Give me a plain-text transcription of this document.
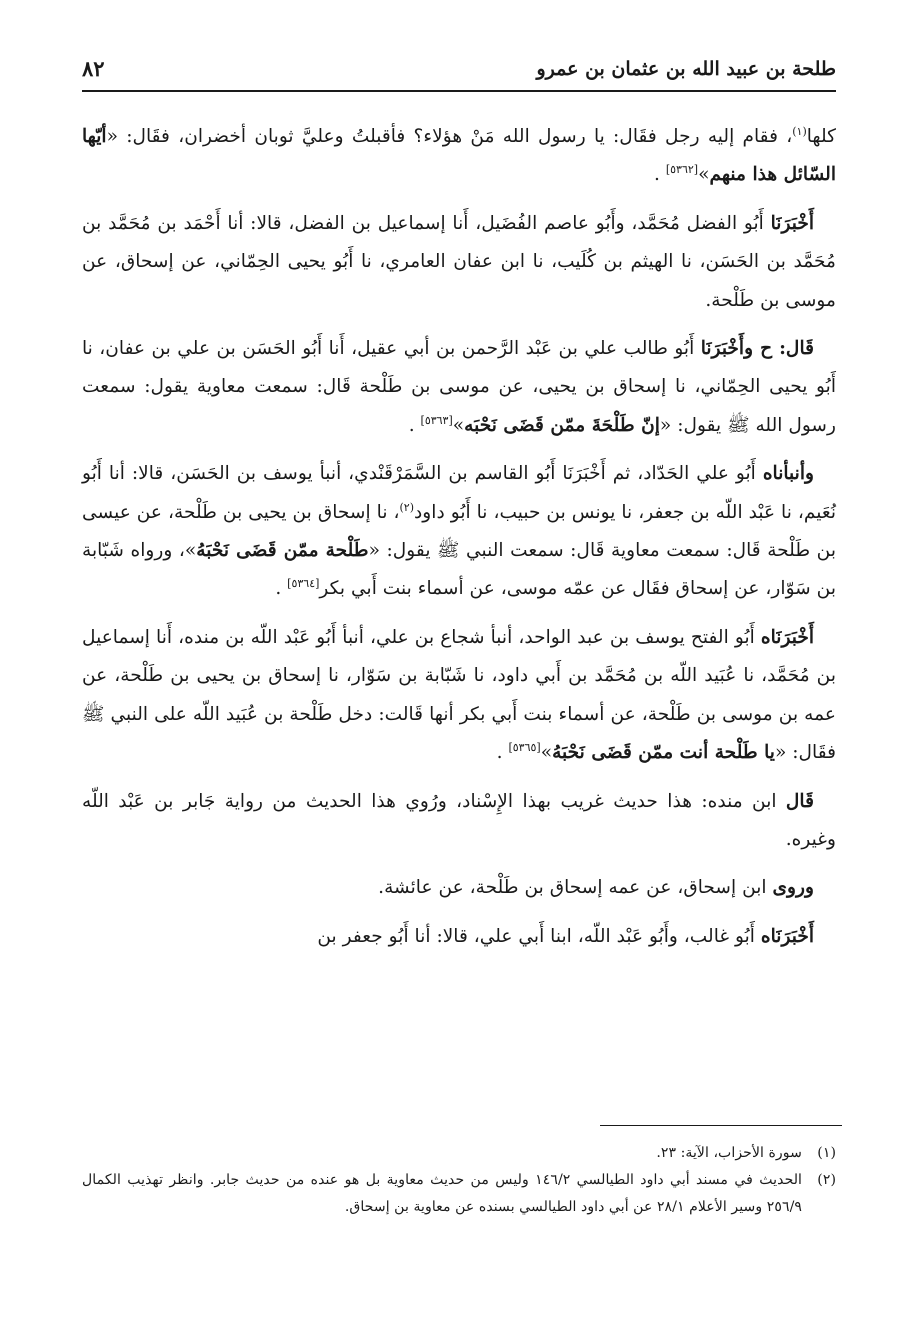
طلحة بن عبيد الله بن عثمان بن عمرو
٨٢

كلها$^{(١)}$، فقام إليه رجل فقَال: يا رسول الله مَنْ هؤلاء؟ فأقبلتُ وعليَّ ثوبان أخضران، فقَال: «أيّها السّائل هذا منهم»[٥٣٦٢] .

أَخْبَرَنَا أَبُو الفضل مُحَمَّد، وأَبُو عاصم الفُضَيل، أَنا إسماعيل بن الفضل، قالا: أنا أَحْمَد بن مُحَمَّد بن مُحَمَّد بن الحَسَن، نا الهيثم بن كُلَيب، نا ابن عفان العامري، نا أَبُو يحيى الحِمّاني، عن إسحاق، عن موسى بن طَلْحة.

قَال: ح وأَخْبَرَنَا أَبُو طالب علي بن عَبْد الرَّحمن بن أبي عقيل، أَنا أَبُو الحَسَن بن علي بن عفان، نا أَبُو يحيى الحِمّاني، نا إسحاق بن يحيى، عن موسى بن طَلْحة قَال: سمعت معاوية يقول: سمعت رسول الله ﷺ يقول: «إنّ طَلْحَةَ ممّن قَضَى نَحْبَه»[٥٣٦٣] .

وأنبأناه أَبُو علي الحَدّاد، ثم أَخْبَرَنَا أَبُو القاسم بن السَّمَرْقَنْدي، أنبأ يوسف بن الحَسَن، قالا: أنا أَبُو نُعَيم، نا عَبْد اللّه بن جعفر، نا يونس بن حبيب، نا أَبُو داود$^{(٢)}$، نا إسحاق بن يحيى بن طَلْحة، عن عيسى بن طَلْحة قَال: سمعت معاوية قَال: سمعت النبي ﷺ يقول: «طَلْحة ممّن قَضَى نَحْبَهُ»، ورواه شَبّابة بن سَوّار، عن إسحاق فقَال عن عمّه موسى، عن أسماء بنت أَبي بكر[٥٣٦٤] .

أَخْبَرَنَاه أَبُو الفتح يوسف بن عبد الواحد، أنبأ شجاع بن علي، أنبأ أَبُو عَبْد اللّه بن منده، أَنا إسماعيل بن مُحَمَّد، نا عُبَيد اللّه بن مُحَمَّد بن أَبي داود، نا شَبّابة بن سَوّار، نا إسحاق بن يحيى بن طَلْحة، عن عمه بن موسى بن طَلْحة، عن أسماء بنت أَبي بكر أنها قَالت: دخل طَلْحة بن عُبَيد اللّه على النبي ﷺ فقَال: «يا طَلْحة أنت ممّن قَضَى نَحْبَهُ»[٥٣٦٥] .

قَال ابن منده: هذا حديث غريب بهذا الإِسْناد، ورُوي هذا الحديث من رواية جَابر بن عَبْد اللّه وغيره.

وروى ابن إسحاق، عن عمه إسحاق بن طَلْحة، عن عائشة.

أَخْبَرَنَاه أَبُو غالب، وأَبُو عَبْد اللّه، ابنا أَبي علي، قالا: أنا أَبُو جعفر بن

(١)
سورة الأحزاب، الآية: ٢٣.
(٢)
الحديث في مسند أبي داود الطيالسي ١٤٦/٢ وليس من حديث معاوية بل هو عنده من حديث جابر. وانظر تهذيب الكمال ٢٥٦/٩ وسير الأعلام ٢٨/١ عن أبي داود الطيالسي بسنده عن معاوية بن إسحاق.
